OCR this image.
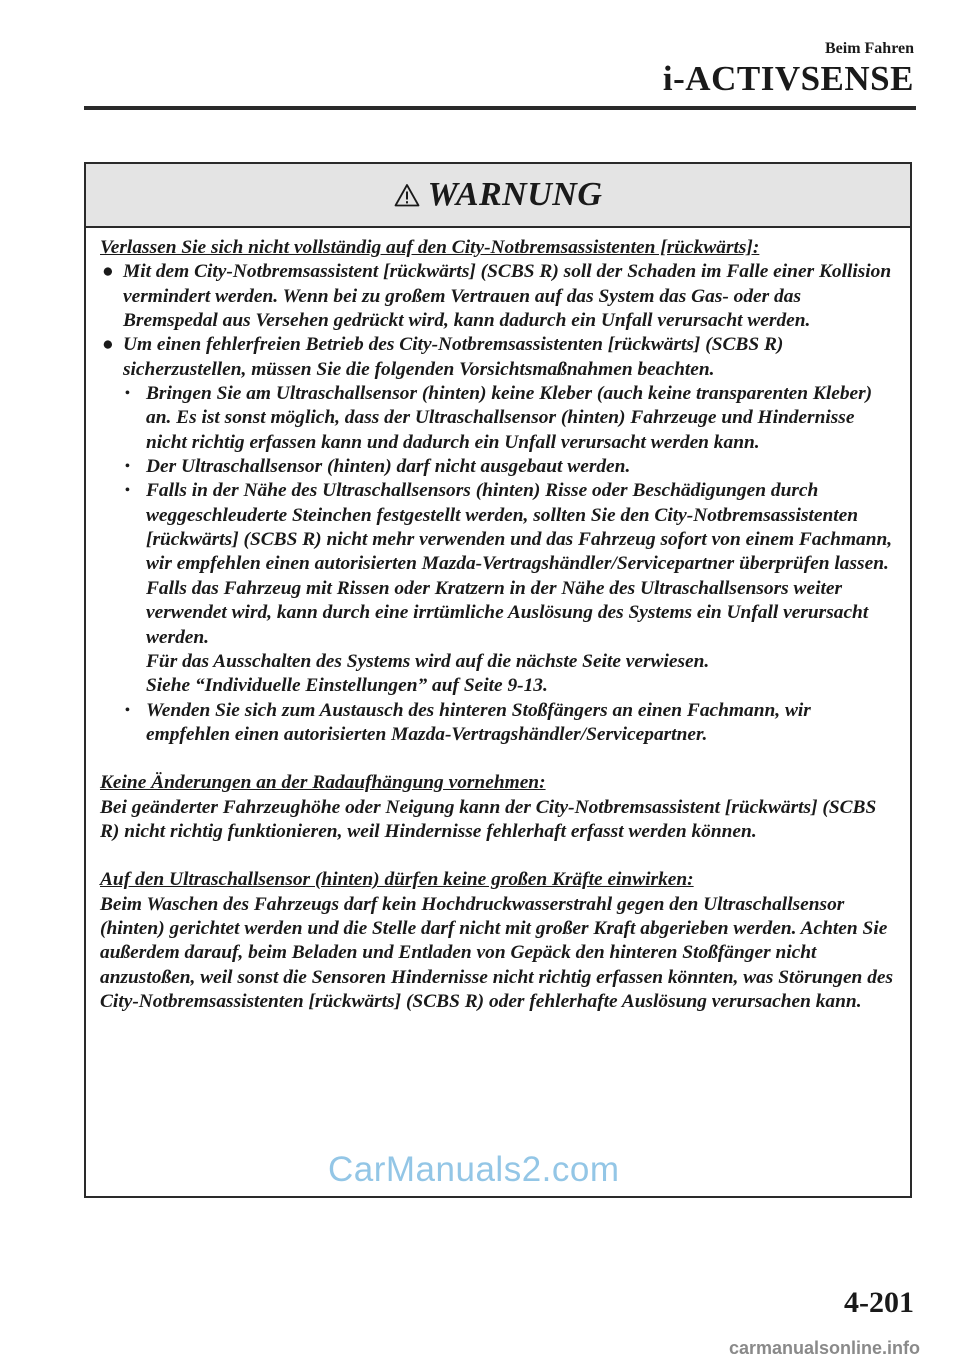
Beim Fahren
i-ACTIVSENSE
WARNUNG
Verlassen Sie sich nicht vollständig auf den City-Notbremsassistenten [rückwärts]:
● Mit dem City-Notbremsassistent [rückwärts] (SCBS R) soll der Schaden im Falle einer Kollision vermindert werden. Wenn bei zu großem Vertrauen auf das System das Gas- oder das Bremspedal aus Versehen gedrückt wird, kann dadurch ein Unfall verursacht werden.
● Um einen fehlerfreien Betrieb des City-Notbremsassistenten [rückwärts] (SCBS R) sicherzustellen, müssen Sie die folgenden Vorsichtsmaßnahmen beachten.
• Bringen Sie am Ultraschallsensor (hinten) keine Kleber (auch keine transparenten Kleber) an. Es ist sonst möglich, dass der Ultraschallsensor (hinten) Fahrzeuge und Hindernisse nicht richtig erfassen kann und dadurch ein Unfall verursacht werden kann.
• Der Ultraschallsensor (hinten) darf nicht ausgebaut werden.
• Falls in der Nähe des Ultraschallsensors (hinten) Risse oder Beschädigungen durch weggeschleuderte Steinchen festgestellt werden, sollten Sie den City-Notbremsassistenten [rückwärts] (SCBS R) nicht mehr verwenden und das Fahrzeug sofort von einem Fachmann, wir empfehlen einen autorisierten Mazda-Vertragshändler/Servicepartner überprüfen lassen. Falls das Fahrzeug mit Rissen oder Kratzern in der Nähe des Ultraschallsensors weiter verwendet wird, kann durch eine irrtümliche Auslösung des Systems ein Unfall verursacht werden.
Für das Ausschalten des Systems wird auf die nächste Seite verwiesen.
Siehe “Individuelle Einstellungen” auf Seite 9-13.
• Wenden Sie sich zum Austausch des hinteren Stoßfängers an einen Fachmann, wir empfehlen einen autorisierten Mazda-Vertragshändler/Servicepartner.
Keine Änderungen an der Radaufhängung vornehmen:
Bei geänderter Fahrzeughöhe oder Neigung kann der City-Notbremsassistent [rückwärts] (SCBS R) nicht richtig funktionieren, weil Hindernisse fehlerhaft erfasst werden können.
Auf den Ultraschallsensor (hinten) dürfen keine großen Kräfte einwirken:
Beim Waschen des Fahrzeugs darf kein Hochdruckwasserstrahl gegen den Ultraschallsensor (hinten) gerichtet werden und die Stelle darf nicht mit großer Kraft abgerieben werden. Achten Sie außerdem darauf, beim Beladen und Entladen von Gepäck den hinteren Stoßfänger nicht anzustoßen, weil sonst die Sensoren Hindernisse nicht richtig erfassen könnten, was Störungen des City-Notbremsassistenten [rückwärts] (SCBS R) oder fehlerhafte Auslösung verursachen kann.
CarManuals2.com
4-201
carmanualsonline.info
